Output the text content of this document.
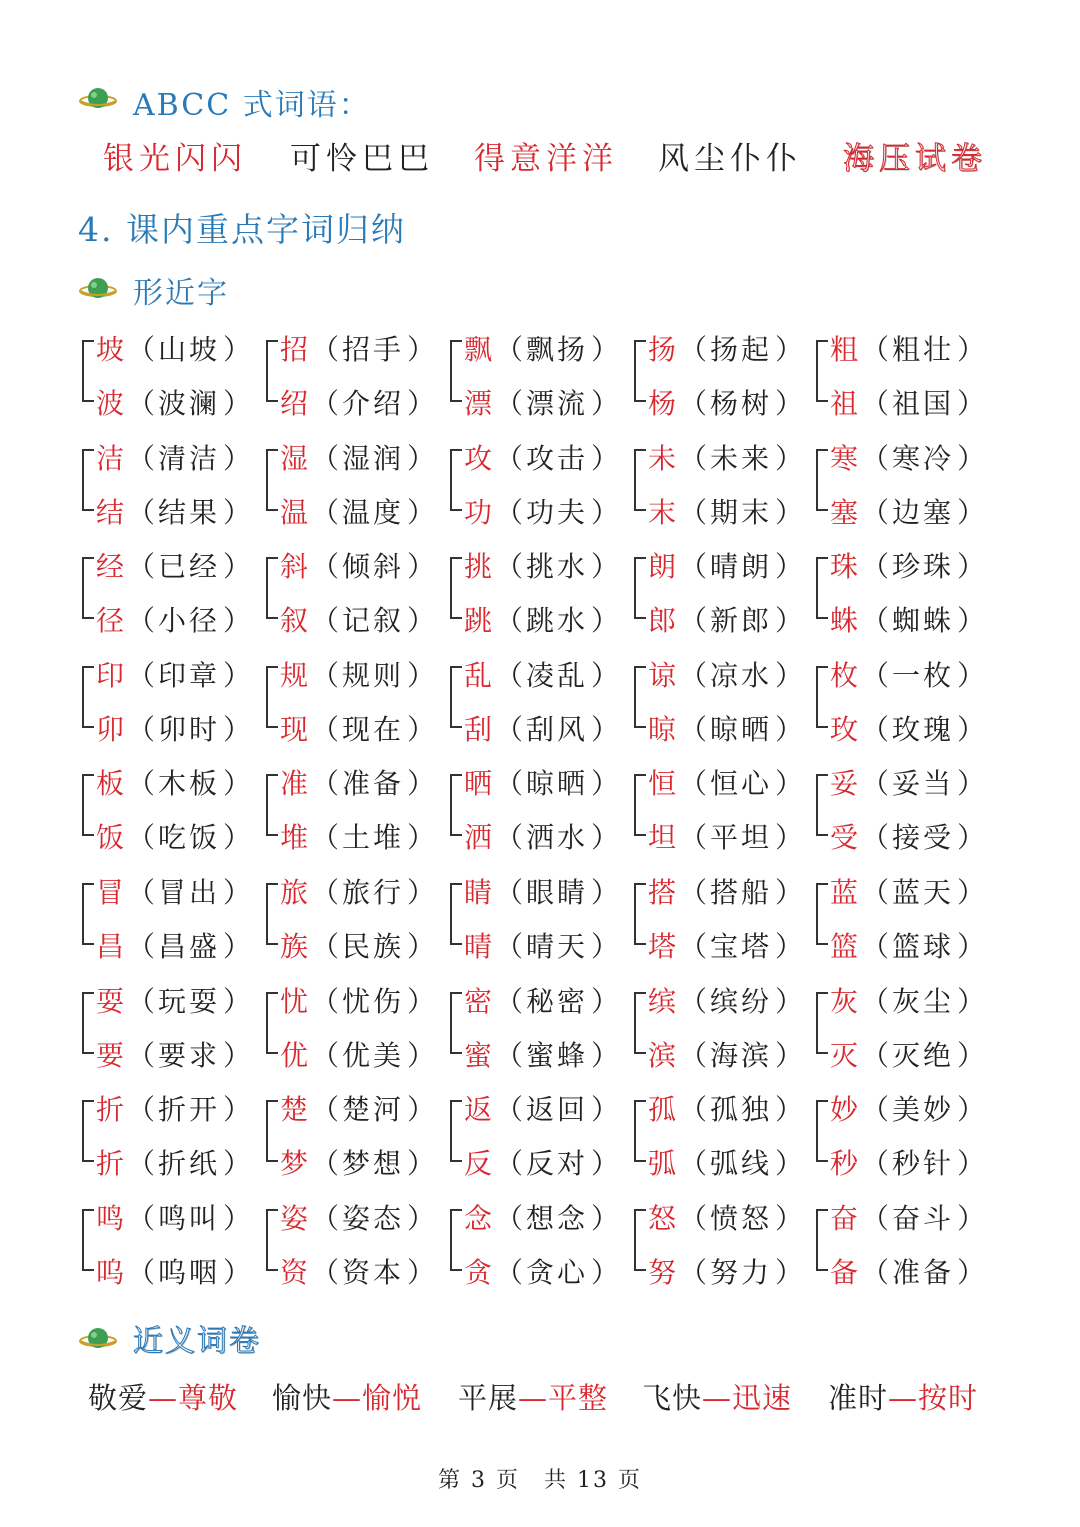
ABCC 式词语：
银光闪闪 可怜巴巴 得意洋洋 风尘仆仆 海压试卷
4. 课内重点字词归纳
形近字
坡 （ 山坡 ）
波 （ 波澜 ）
招 （ 招手 ）
绍 （ 介绍 ）
飘 （ 飘扬 ）
漂 （ 漂流 ）
扬 （ 扬起 ）
杨 （ 杨树 ）
粗 （ 粗壮 ）
祖 （ 祖国 ）
洁 （ 清洁 ）
结 （ 结果 ）
湿 （ 湿润 ）
温 （ 温度 ）
攻 （ 攻击 ）
功 （ 功夫 ）
未 （ 未来 ）
末 （ 期末 ）
寒 （ 寒冷 ）
塞 （ 边塞 ）
经 （ 已经 ）
径 （ 小径 ）
斜 （ 倾斜 ）
叙 （ 记叙 ）
挑 （ 挑水 ）
跳 （ 跳水 ）
朗 （ 晴朗 ）
郎 （ 新郎 ）
珠 （ 珍珠 ）
蛛 （ 蜘蛛 ）
印 （ 印章 ）
卯 （ 卯时 ）
规 （ 规则 ）
现 （ 现在 ）
乱 （ 凌乱 ）
刮 （ 刮风 ）
谅 （ 凉水 ）
晾 （ 晾晒 ）
枚 （ 一枚 ）
玫 （ 玫瑰 ）
板 （ 木板 ）
饭 （ 吃饭 ）
准 （ 准备 ）
堆 （ 土堆 ）
晒 （ 晾晒 ）
洒 （ 洒水 ）
恒 （ 恒心 ）
坦 （ 平坦 ）
妥 （ 妥当 ）
受 （ 接受 ）
冒 （ 冒出 ）
昌 （ 昌盛 ）
旅 （ 旅行 ）
族 （ 民族 ）
睛 （ 眼睛 ）
晴 （ 晴天 ）
搭 （ 搭船 ）
塔 （ 宝塔 ）
蓝 （ 蓝天 ）
篮 （ 篮球 ）
耍 （ 玩耍 ）
要 （ 要求 ）
忧 （ 忧伤 ）
优 （ 优美 ）
密 （ 秘密 ）
蜜 （ 蜜蜂 ）
缤 （ 缤纷 ）
滨 （ 海滨 ）
灰 （ 灰尘 ）
灭 （ 灭绝 ）
折 （ 折开 ）
折 （ 折纸 ）
楚 （ 楚河 ）
梦 （ 梦想 ）
返 （ 返回 ）
反 （ 反对 ）
孤 （ 孤独 ）
弧 （ 弧线 ）
妙 （ 美妙 ）
秒 （ 秒针 ）
鸣 （ 鸣叫 ）
呜 （ 呜咽 ）
姿 （ 姿态 ）
资 （ 资本 ）
念 （ 想念 ）
贪 （ 贪心 ）
怒 （ 愤怒 ）
努 （ 努力 ）
奋 （ 奋斗 ）
备 （ 准备 ）
近义词卷
敬爱—尊敬 愉快—愉悦 平展—平整 飞快—迅速 准时—按时
第 3 页　共 13 页
